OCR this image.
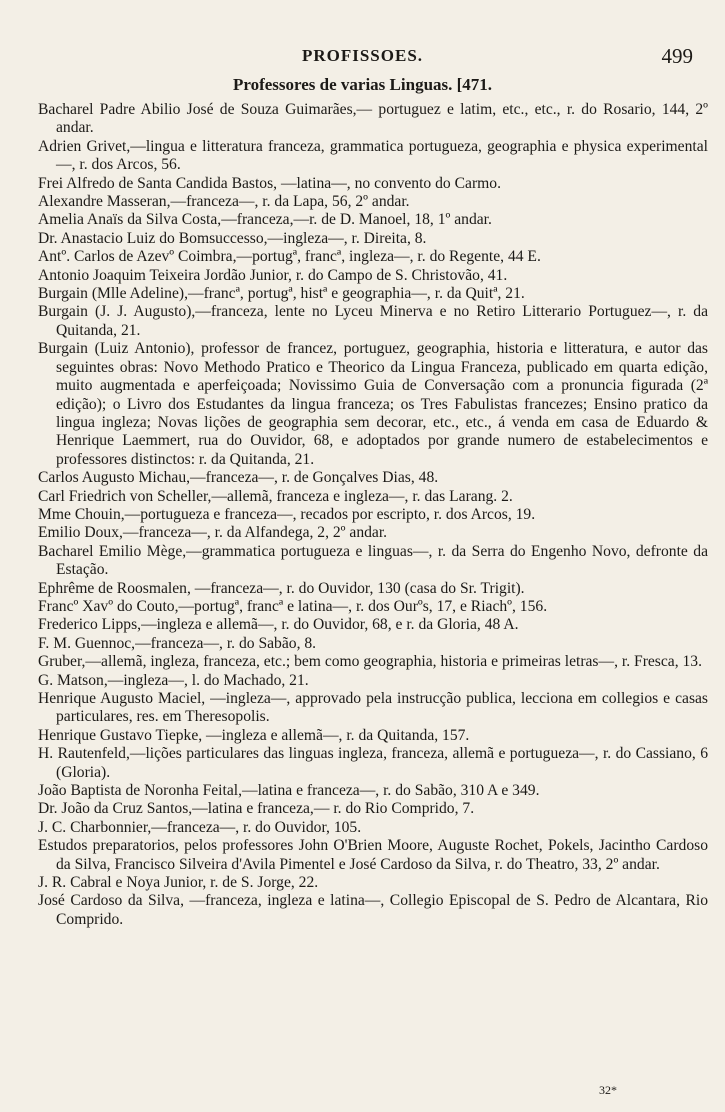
PROFISSOES.	499
Professores de varias Linguas. [471.

Bacharel Padre Abilio José de Souza Guimarães,— portuguez e latim, etc., etc., r. do Rosario, 144, 2º andar.

Adrien Grivet,—lingua e litteratura franceza, grammatica portugueza, geographia e physica experimental—, r. dos Arcos, 56.

Frei Alfredo de Santa Candida Bastos, —latina—, no convento do Carmo.

Alexandre Masseran,—franceza—, r. da Lapa, 56, 2º andar.

Amelia Anaïs da Silva Costa,—franceza,—r. de D. Manoel, 18, 1º andar.

Dr. Anastacio Luiz do Bomsuccesso,—ingleza—, r. Direita, 8.

Antº. Carlos de Azevº Coimbra,—portugª, francª, ingleza—, r. do Regente, 44 E.

Antonio Joaquim Teixeira Jordão Junior, r. do Campo de S. Christovão, 41.

Burgain (Mlle Adeline),—francª, portugª, histª e geographia—, r. da Quitª, 21.

Burgain (J. J. Augusto),—franceza, lente no Lyceu Minerva e no Retiro Litterario Portuguez—, r. da Quitanda, 21.

Burgain (Luiz Antonio), professor de francez, portuguez, geographia, historia e litteratura, e autor das seguintes obras: Novo Methodo Pratico e Theorico da Lingua Franceza, publicado em quarta edição, muito augmentada e aperfeiçoada; Novissimo Guia de Conversação com a pronuncia figurada (2ª edição); o Livro dos Estudantes da lingua franceza; os Tres Fabulistas francezes; Ensino pratico da lingua ingleza; Novas lições de geographia sem decorar, etc., etc., á venda em casa de Eduardo & Henrique Laemmert, rua do Ouvidor, 68, e adoptados por grande numero de estabelecimentos e professores distinctos: r. da Quitanda, 21.

Carlos Augusto Michau,—franceza—, r. de Gonçalves Dias, 48.

Carl Friedrich von Scheller,—allemã, franceza e ingleza—, r. das Larang. 2.

Mme Chouin,—portugueza e franceza—, recados por escripto, r. dos Arcos, 19.

Emilio Doux,—franceza—, r. da Alfandega, 2, 2º andar.

Bacharel Emilio Mège,—grammatica portugueza e linguas—, r. da Serra do Engenho Novo, defronte da Estação.

Ephrême de Roosmalen, —franceza—, r. do Ouvidor, 130 (casa do Sr. Trigit).

Francº Xavº do Couto,—portugª, francª e latina—, r. dos Ourºs, 17, e Riachº, 156.

Frederico Lipps,—ingleza e allemã—, r. do Ouvidor, 68, e r. da Gloria, 48 A.

F. M. Guennoc,—franceza—, r. do Sabão, 8.

Gruber,—allemã, ingleza, franceza, etc.; bem como geographia, historia e primeiras letras—, r. Fresca, 13.

G. Matson,—ingleza—, l. do Machado, 21.

Henrique Augusto Maciel, —ingleza—, approvado pela instrucção publica, lecciona em collegios e casas particulares, res. em Theresopolis.

Henrique Gustavo Tiepke, —ingleza e allemã—, r. da Quitanda, 157.

H. Rautenfeld,—lições particulares das linguas ingleza, franceza, allemã e portugueza—, r. do Cassiano, 6 (Gloria).

João Baptista de Noronha Feital,—latina e franceza—, r. do Sabão, 310 A e 349.

Dr. João da Cruz Santos,—latina e franceza,— r. do Rio Comprido, 7.

J. C. Charbonnier,—franceza—, r. do Ouvidor, 105.

Estudos preparatorios, pelos professores John O'Brien Moore, Auguste Rochet, Pokels, Jacintho Cardoso da Silva, Francisco Silveira d'Avila Pimentel e José Cardoso da Silva, r. do Theatro, 33, 2º andar.

J. R. Cabral e Noya Junior, r. de S. Jorge, 22.

José Cardoso da Silva, —franceza, ingleza e latina—, Collegio Episcopal de S. Pedro de Alcantara, Rio Comprido.

32*
